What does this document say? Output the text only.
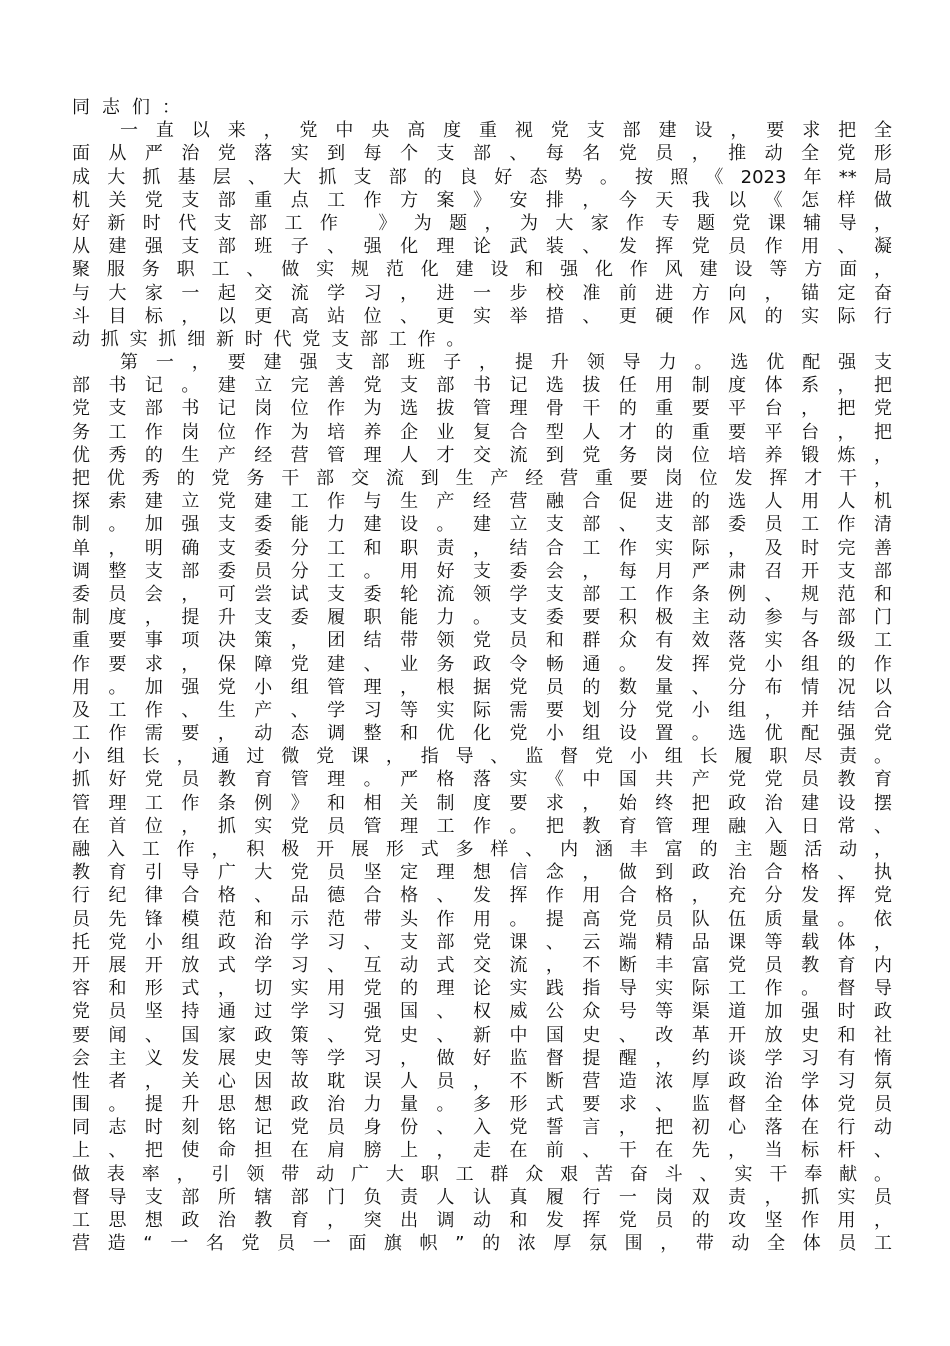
同志们：
一直以来，党中央高度重视党支部建设，要求把全
面从严治党落实到每个支部、每名党员，推动全党形
成大抓基层、大抓支部的良好态势。按照《2023年**局
机关党支部重点工作方案》安排，今天我以《怎样做
好新时代支部工作 》为题，为大家作专题党课辅导，
从建强支部班子、强化理论武装、发挥党员作用、凝
聚服务职工、做实规范化建设和强化作风建设等方面，
与大家一起交流学习，进一步校准前进方向，锚定奋
斗目标，以更高站位、更实举措、更硬作风的实际行
动抓实抓细新时代党支部工作。
第一，要建强支部班子，提升领导力。选优配强支
部书记。建立完善党支部书记选拔任用制度体系，把
党支部书记岗位作为选拔管理骨干的重要平台，把党
务工作岗位作为培养企业复合型人才的重要平台，把
优秀的生产经营管理人才交流到党务岗位培养锻炼，
把优秀的党务干部交流到生产经营重要岗位发挥才干，
探索建立党建工作与生产经营融合促进的选人用人机
制。加强支委能力建设。建立支部、支部委员工作清
单，明确支委分工和职责，结合工作实际，及时完善
调整支部委员分工。用好支委会，每月严肃召开支部
委员会，可尝试支委轮流领学支部工作条例、规范和
制度，提升支委履职能力。支委要积极主动参与部门
重要事项决策，团结带领党员和群众有效落实各级工
作要求，保障党建、业务政令畅通。发挥党小组的作
用。加强党小组管理，根据党员的数量、分布情况以
及工作、生产、学习等实际需要划分党小组，并结合
工作需要，动态调整和优化党小组设置。选优配强党
小组长，通过微党课，指导、监督党小组长履职尽责。
抓好党员教育管理。严格落实《中国共产党党员教育
管理工作条例》和相关制度要求，始终把政治建设摆
在首位，抓实党员管理工作。把教育管理融入日常、
融入工作，积极开展形式多样、内涵丰富的主题活动，
教育引导广大党员坚定理想信念，做到政治合格、执
行纪律合格、品德合格、发挥作用合格，充分发挥党
员先锋模范和示范带头作用。提高党员队伍质量。依
托党小组政治学习、支部党课、云端精品课等载体，
开展开放式学习、互动式交流，不断丰富党员教育内
容和形式，切实用党的理论实践指导实际工作。督导
党员坚持通过学习强国、权威公众号等渠道加强时政
要闻、国家政策、党史、新中国史、改革开放史和社
会主义发展史等学习，做好监督提醒，约谈学习有惰
性者，关心因故耽误人员，不断营造浓厚政治学习氛
围。提升思想政治力量。多形式要求、监督全体党员
同志时刻铭记党员身份、入党誓言，把初心落在行动
上、把使命担在肩膀上，走在前、干在先，当标杆、
做表率，引领带动广大职工群众艰苦奋斗、实干奉献。
督导支部所辖部门负责人认真履行一岗双责，抓实员
工思想政治教育，突出调动和发挥党员的攻坚作用，
营造“一名党员一面旗帜”的浓厚氛围，带动全体员工
